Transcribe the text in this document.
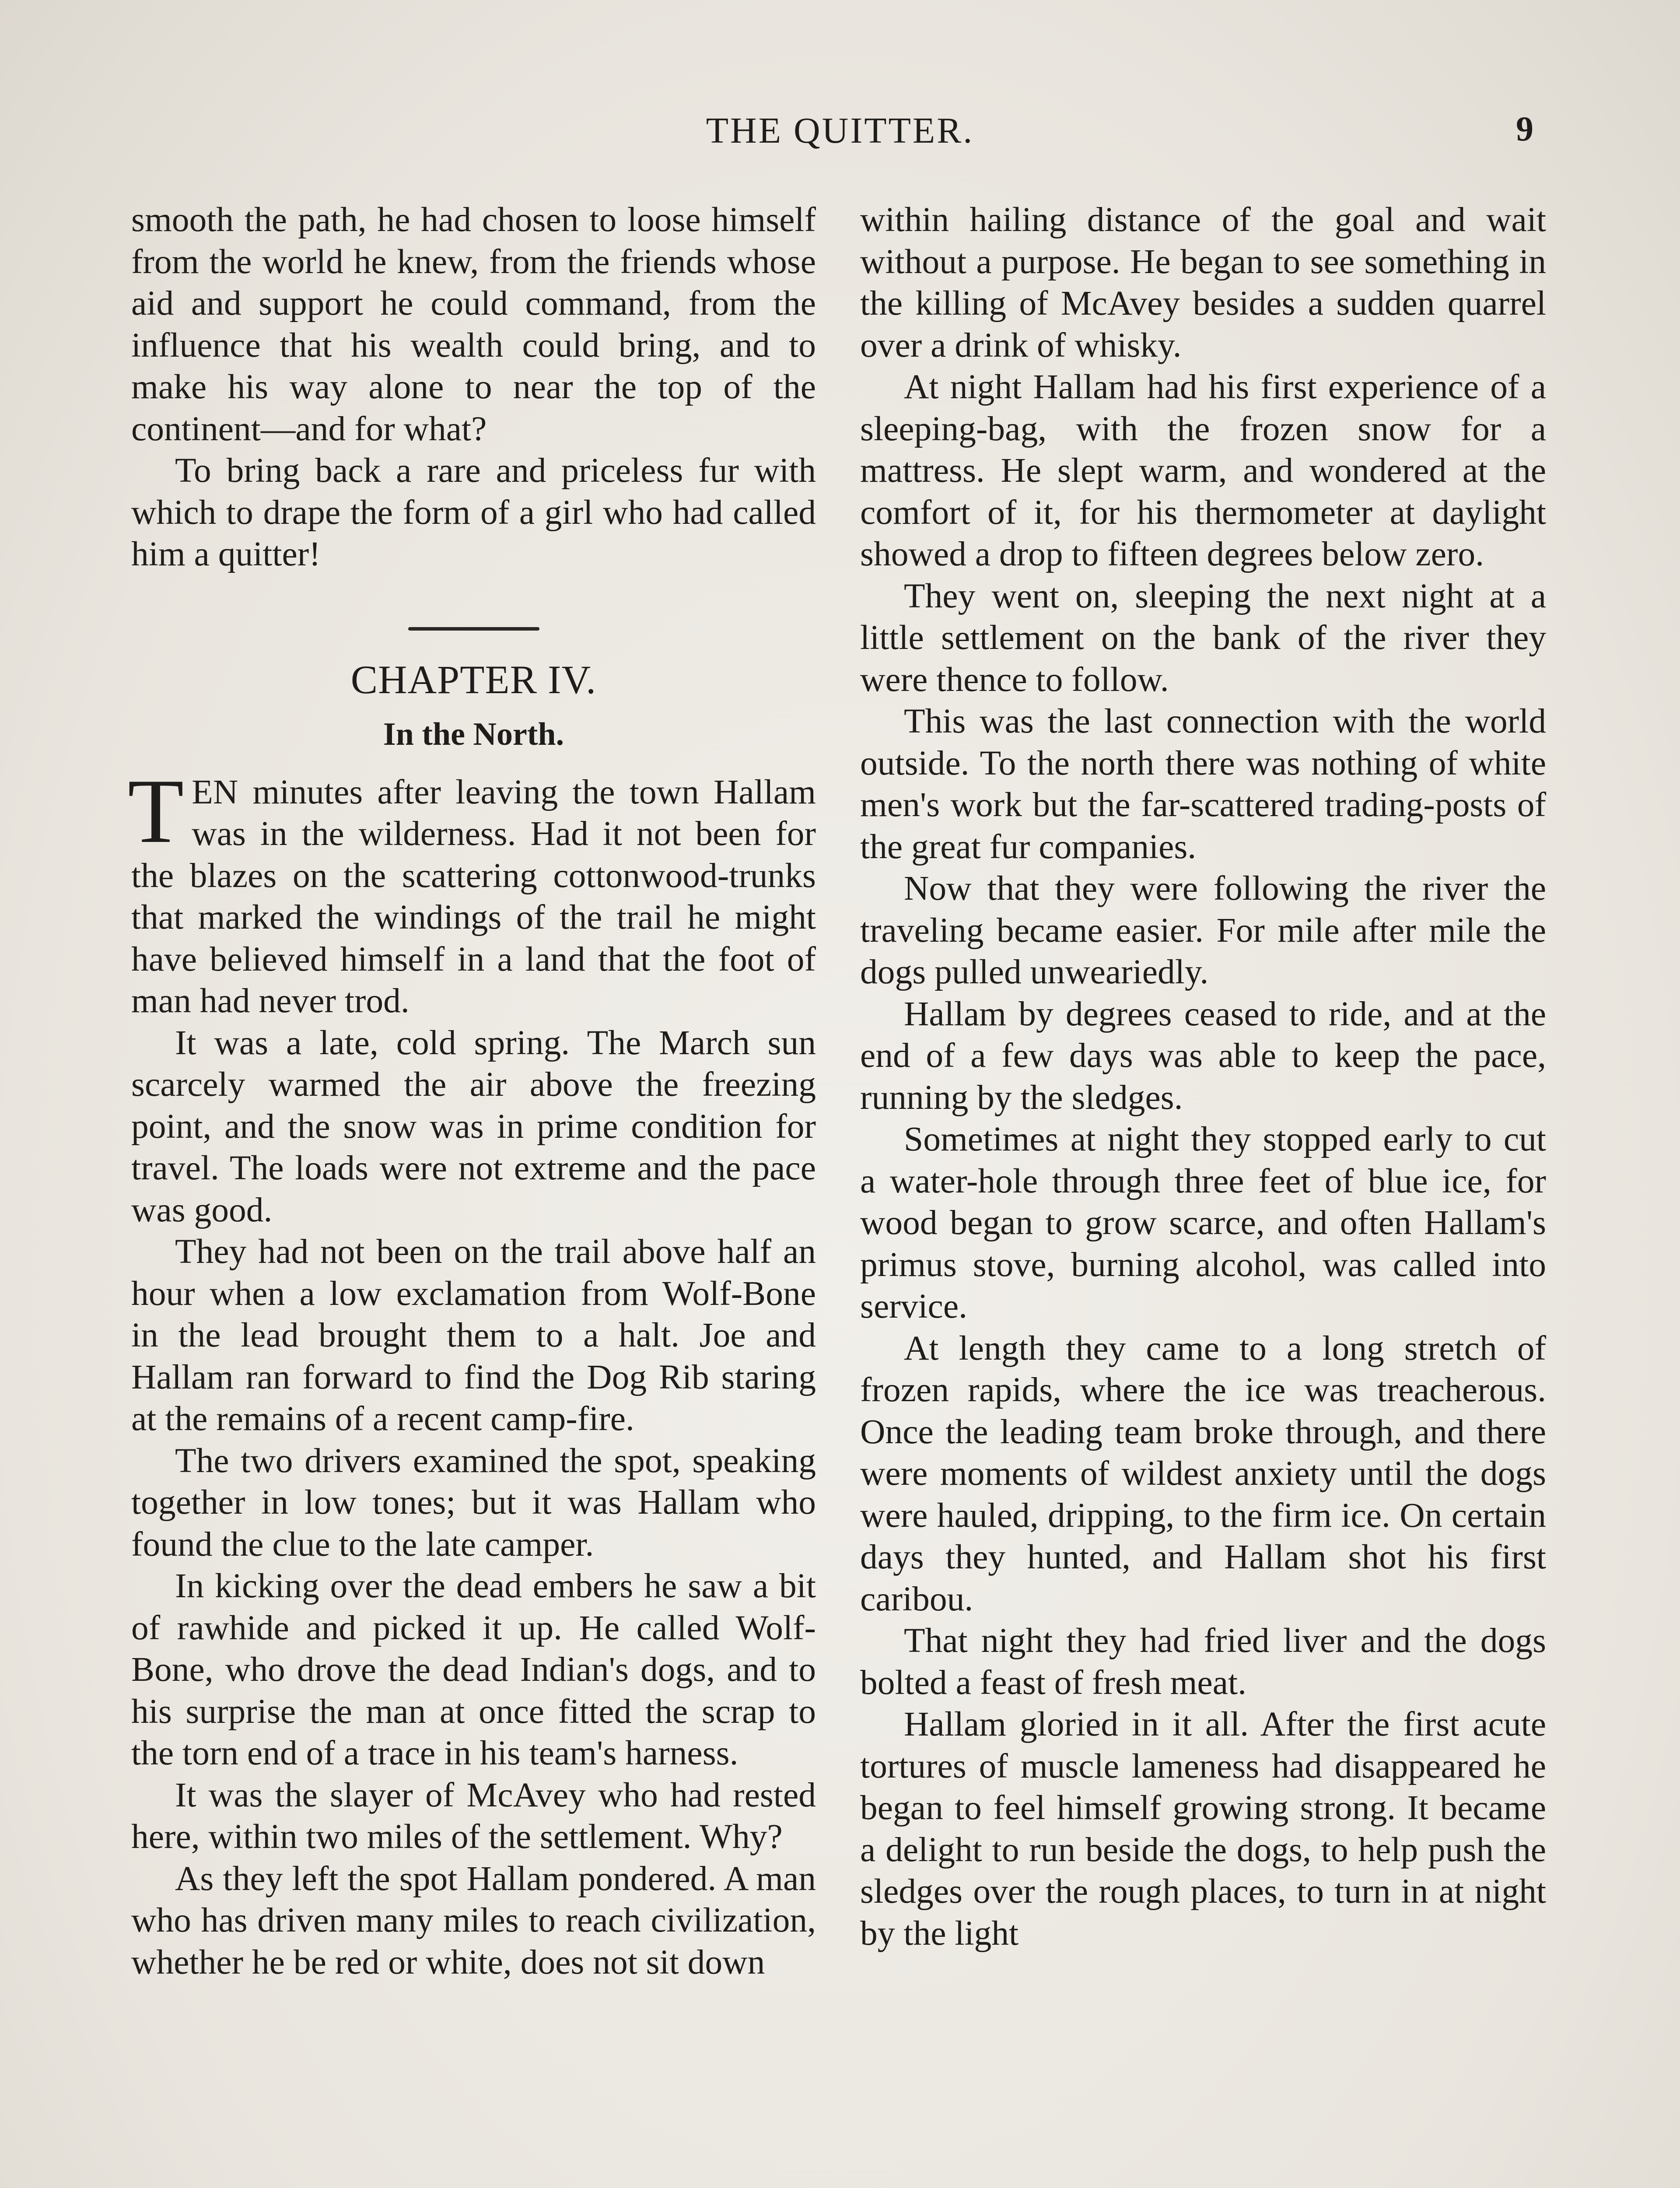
THE QUITTER.	9

smooth the path, he had chosen to loose himself from the world he knew, from the friends whose aid and support he could command, from the influence that his wealth could bring, and to make his way alone to near the top of the continent—and for what?

To bring back a rare and priceless fur with which to drape the form of a girl who had called him a quitter!

CHAPTER IV.
In the North.

TEN minutes after leaving the town Hallam was in the wilderness. Had it not been for the blazes on the scattering cottonwood-trunks that marked the windings of the trail he might have believed himself in a land that the foot of man had never trod.

It was a late, cold spring. The March sun scarcely warmed the air above the freezing point, and the snow was in prime condition for travel. The loads were not extreme and the pace was good.

They had not been on the trail above half an hour when a low exclamation from Wolf-Bone in the lead brought them to a halt. Joe and Hallam ran forward to find the Dog Rib staring at the remains of a recent camp-fire.

The two drivers examined the spot, speaking together in low tones; but it was Hallam who found the clue to the late camper.

In kicking over the dead embers he saw a bit of rawhide and picked it up. He called Wolf-Bone, who drove the dead Indian's dogs, and to his surprise the man at once fitted the scrap to the torn end of a trace in his team's harness.

It was the slayer of McAvey who had rested here, within two miles of the settlement. Why?

As they left the spot Hallam pondered. A man who has driven many miles to reach civilization, whether he be red or white, does not sit down

within hailing distance of the goal and wait without a purpose. He began to see something in the killing of McAvey besides a sudden quarrel over a drink of whisky.

At night Hallam had his first experience of a sleeping-bag, with the frozen snow for a mattress. He slept warm, and wondered at the comfort of it, for his thermometer at daylight showed a drop to fifteen degrees below zero.

They went on, sleeping the next night at a little settlement on the bank of the river they were thence to follow.

This was the last connection with the world outside. To the north there was nothing of white men's work but the far-scattered trading-posts of the great fur companies.

Now that they were following the river the traveling became easier. For mile after mile the dogs pulled unweariedly.

Hallam by degrees ceased to ride, and at the end of a few days was able to keep the pace, running by the sledges.

Sometimes at night they stopped early to cut a water-hole through three feet of blue ice, for wood began to grow scarce, and often Hallam's primus stove, burning alcohol, was called into service.

At length they came to a long stretch of frozen rapids, where the ice was treacherous. Once the leading team broke through, and there were moments of wildest anxiety until the dogs were hauled, dripping, to the firm ice. On certain days they hunted, and Hallam shot his first caribou.

That night they had fried liver and the dogs bolted a feast of fresh meat.

Hallam gloried in it all. After the first acute tortures of muscle lameness had disappeared he began to feel himself growing strong. It became a delight to run beside the dogs, to help push the sledges over the rough places, to turn in at night by the light
